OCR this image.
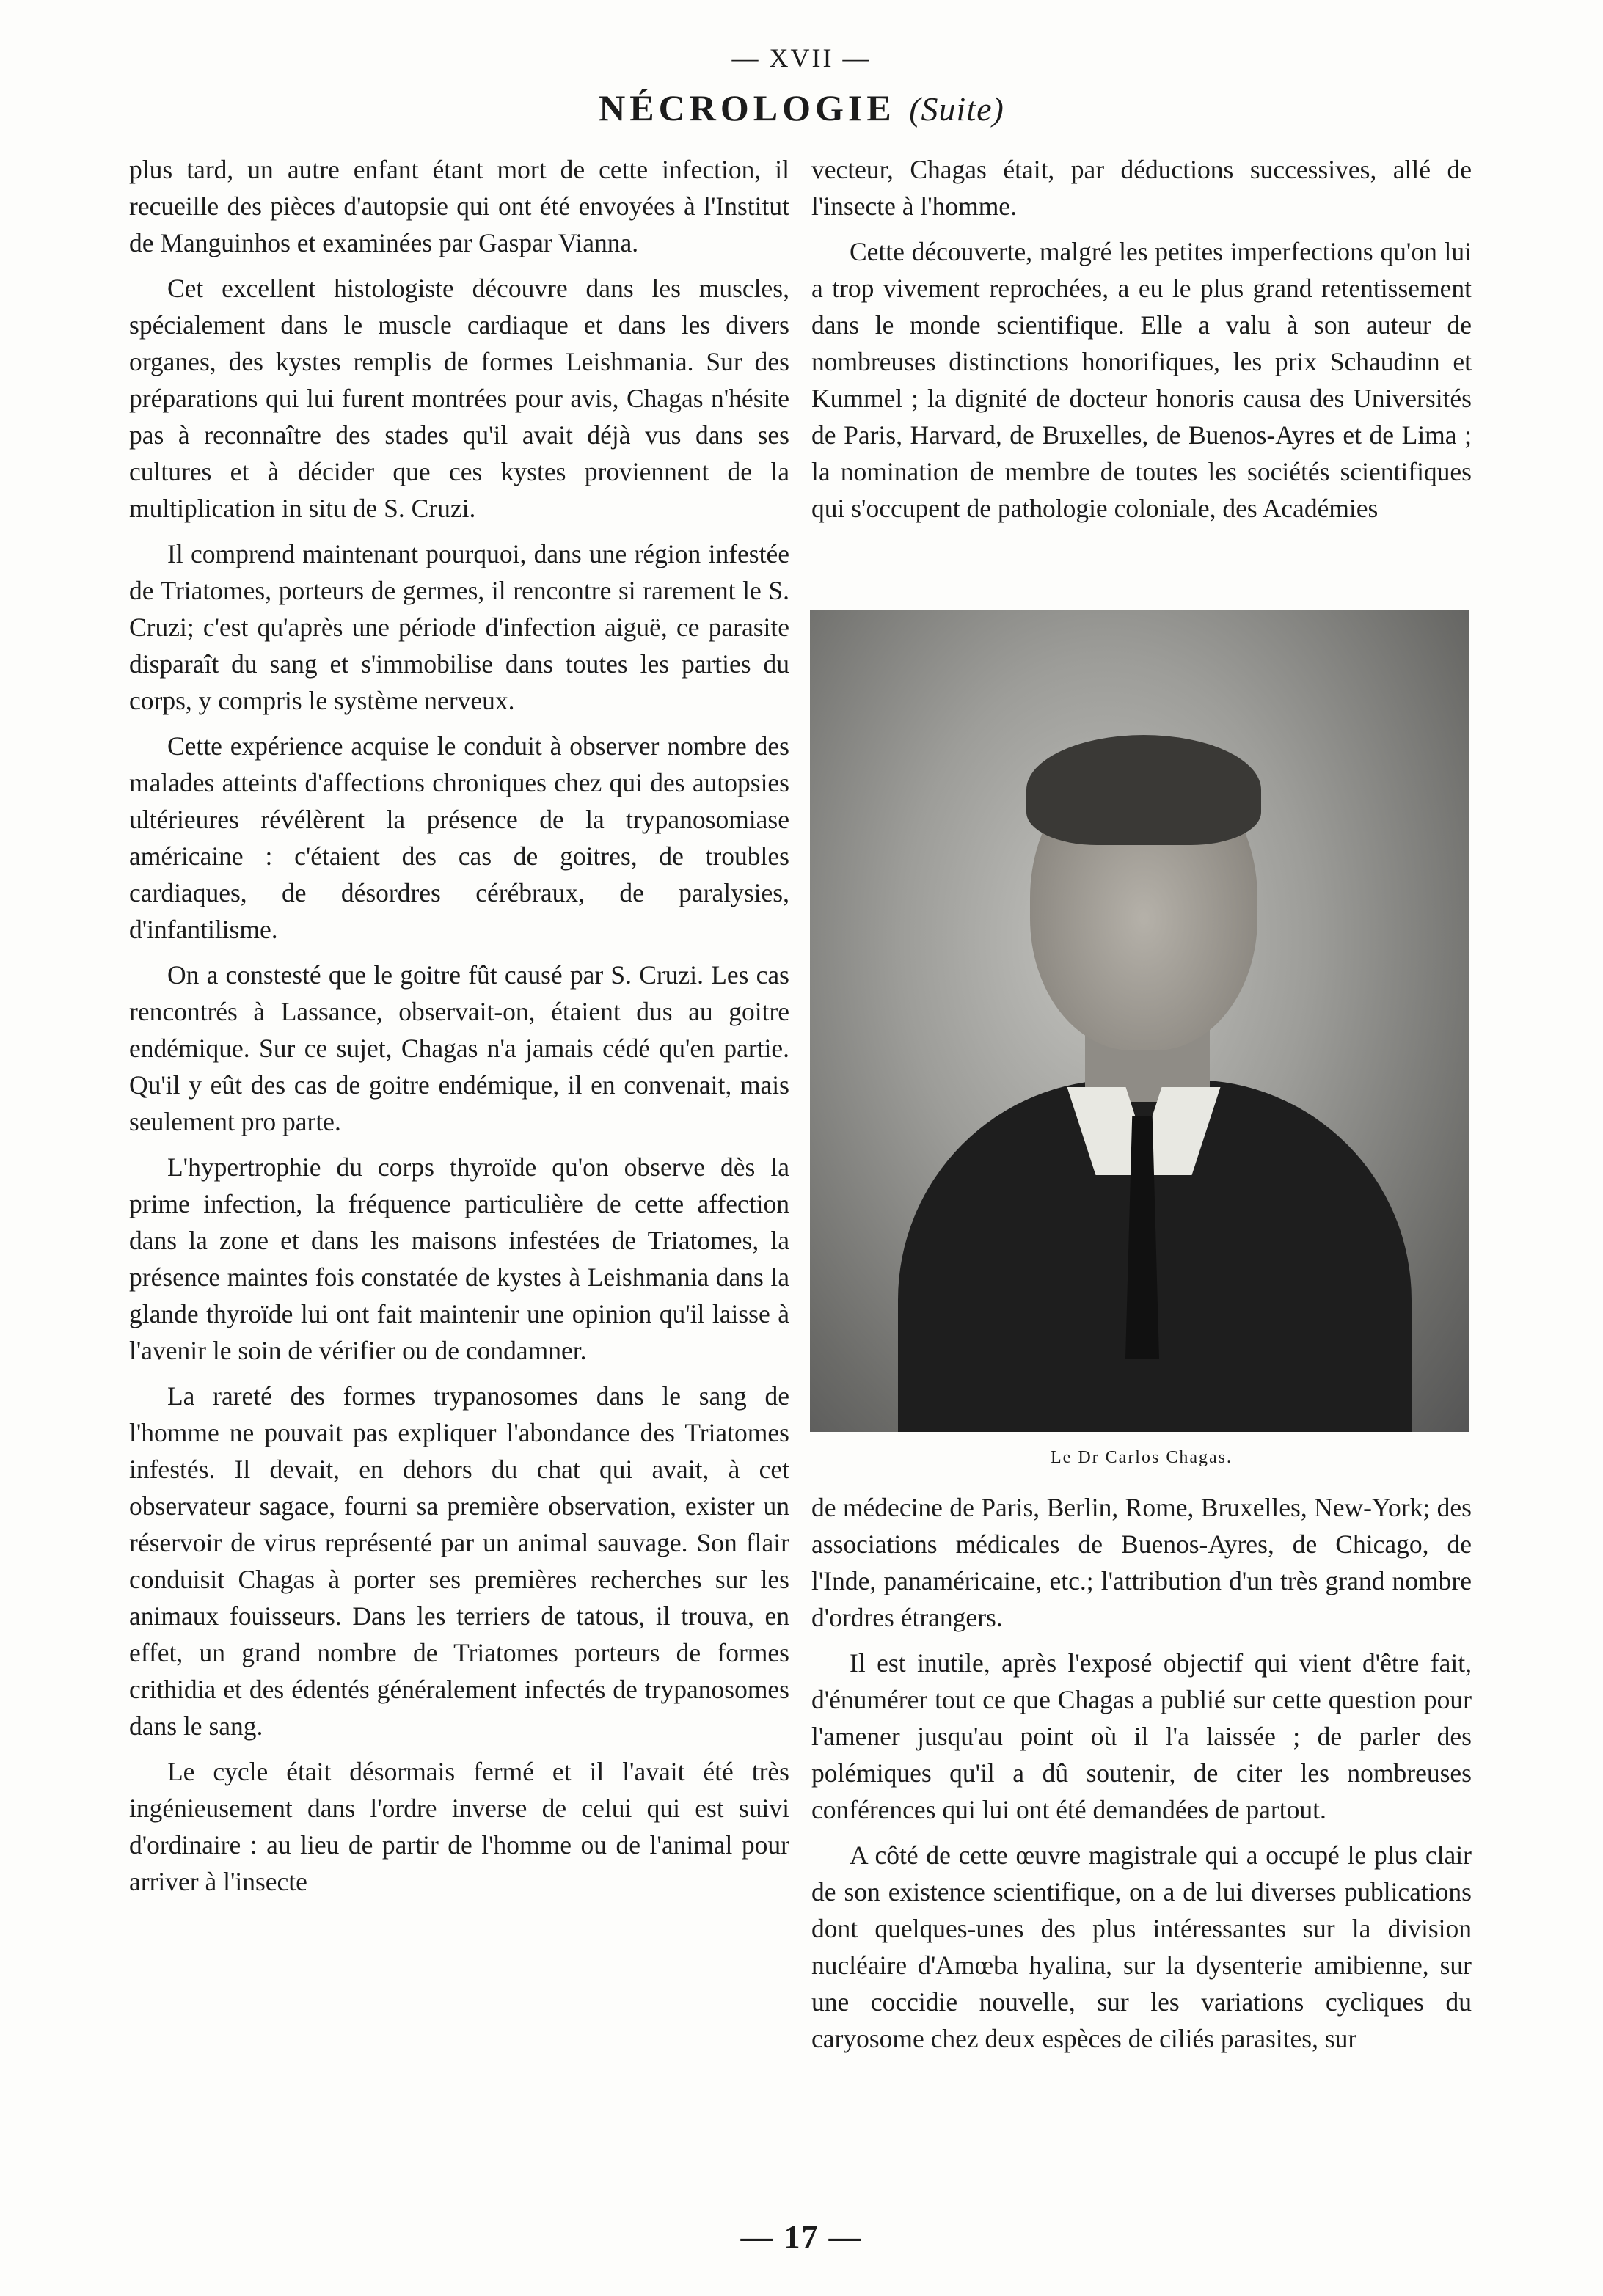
— XVII —
NÉCROLOGIE (Suite)

plus tard, un autre enfant étant mort de cette infection, il recueille des pièces d'autopsie qui ont été envoyées à l'Institut de Manguinhos et examinées par Gaspar Vianna.

Cet excellent histologiste découvre dans les muscles, spécialement dans le muscle cardiaque et dans les divers organes, des kystes remplis de formes Leishmania. Sur des préparations qui lui furent montrées pour avis, Chagas n'hésite pas à reconnaître des stades qu'il avait déjà vus dans ses cultures et à décider que ces kystes proviennent de la multiplication in situ de S. Cruzi.

Il comprend maintenant pourquoi, dans une région infestée de Triatomes, porteurs de germes, il rencontre si rarement le S. Cruzi; c'est qu'après une période d'infection aiguë, ce parasite disparaît du sang et s'immobilise dans toutes les parties du corps, y compris le système nerveux.

Cette expérience acquise le conduit à observer nombre des malades atteints d'affections chroniques chez qui des autopsies ultérieures révélèrent la présence de la trypanosomiase américaine : c'étaient des cas de goitres, de troubles cardiaques, de désordres cérébraux, de paralysies, d'infantilisme.

On a constesté que le goitre fût causé par S. Cruzi. Les cas rencontrés à Lassance, observait-on, étaient dus au goitre endémique. Sur ce sujet, Chagas n'a jamais cédé qu'en partie. Qu'il y eût des cas de goitre endémique, il en convenait, mais seulement pro parte.

L'hypertrophie du corps thyroïde qu'on observe dès la prime infection, la fréquence particulière de cette affection dans la zone et dans les maisons infestées de Triatomes, la présence maintes fois constatée de kystes à Leishmania dans la glande thyroïde lui ont fait maintenir une opinion qu'il laisse à l'avenir le soin de vérifier ou de condamner.

La rareté des formes trypanosomes dans le sang de l'homme ne pouvait pas expliquer l'abondance des Triatomes infestés. Il devait, en dehors du chat qui avait, à cet observateur sagace, fourni sa première observation, exister un réservoir de virus représenté par un animal sauvage. Son flair conduisit Chagas à porter ses premières recherches sur les animaux fouisseurs. Dans les terriers de tatous, il trouva, en effet, un grand nombre de Triatomes porteurs de formes crithidia et des édentés généralement infectés de trypanosomes dans le sang.

Le cycle était désormais fermé et il l'avait été très ingénieusement dans l'ordre inverse de celui qui est suivi d'ordinaire : au lieu de partir de l'homme ou de l'animal pour arriver à l'insecte

vecteur, Chagas était, par déductions successives, allé de l'insecte à l'homme.

Cette découverte, malgré les petites imperfections qu'on lui a trop vivement reprochées, a eu le plus grand retentissement dans le monde scientifique. Elle a valu à son auteur de nombreuses distinctions honorifiques, les prix Schaudinn et Kummel ; la dignité de docteur honoris causa des Universités de Paris, Harvard, de Bruxelles, de Buenos-Ayres et de Lima ; la nomination de membre de toutes les sociétés scientifiques qui s'occupent de pathologie coloniale, des Académies

Le Dr Carlos Chagas.

de médecine de Paris, Berlin, Rome, Bruxelles, New-York; des associations médicales de Buenos-Ayres, de Chicago, de l'Inde, panaméricaine, etc.; l'attribution d'un très grand nombre d'ordres étrangers.

Il est inutile, après l'exposé objectif qui vient d'être fait, d'énumérer tout ce que Chagas a publié sur cette question pour l'amener jusqu'au point où il l'a laissée ; de parler des polémiques qu'il a dû soutenir, de citer les nombreuses conférences qui lui ont été demandées de partout.

A côté de cette œuvre magistrale qui a occupé le plus clair de son existence scientifique, on a de lui diverses publications dont quelques-unes des plus intéressantes sur la division nucléaire d'Amœba hyalina, sur la dysenterie amibienne, sur une coccidie nouvelle, sur les variations cycliques du caryosome chez deux espèces de ciliés parasites, sur

— 17 —
